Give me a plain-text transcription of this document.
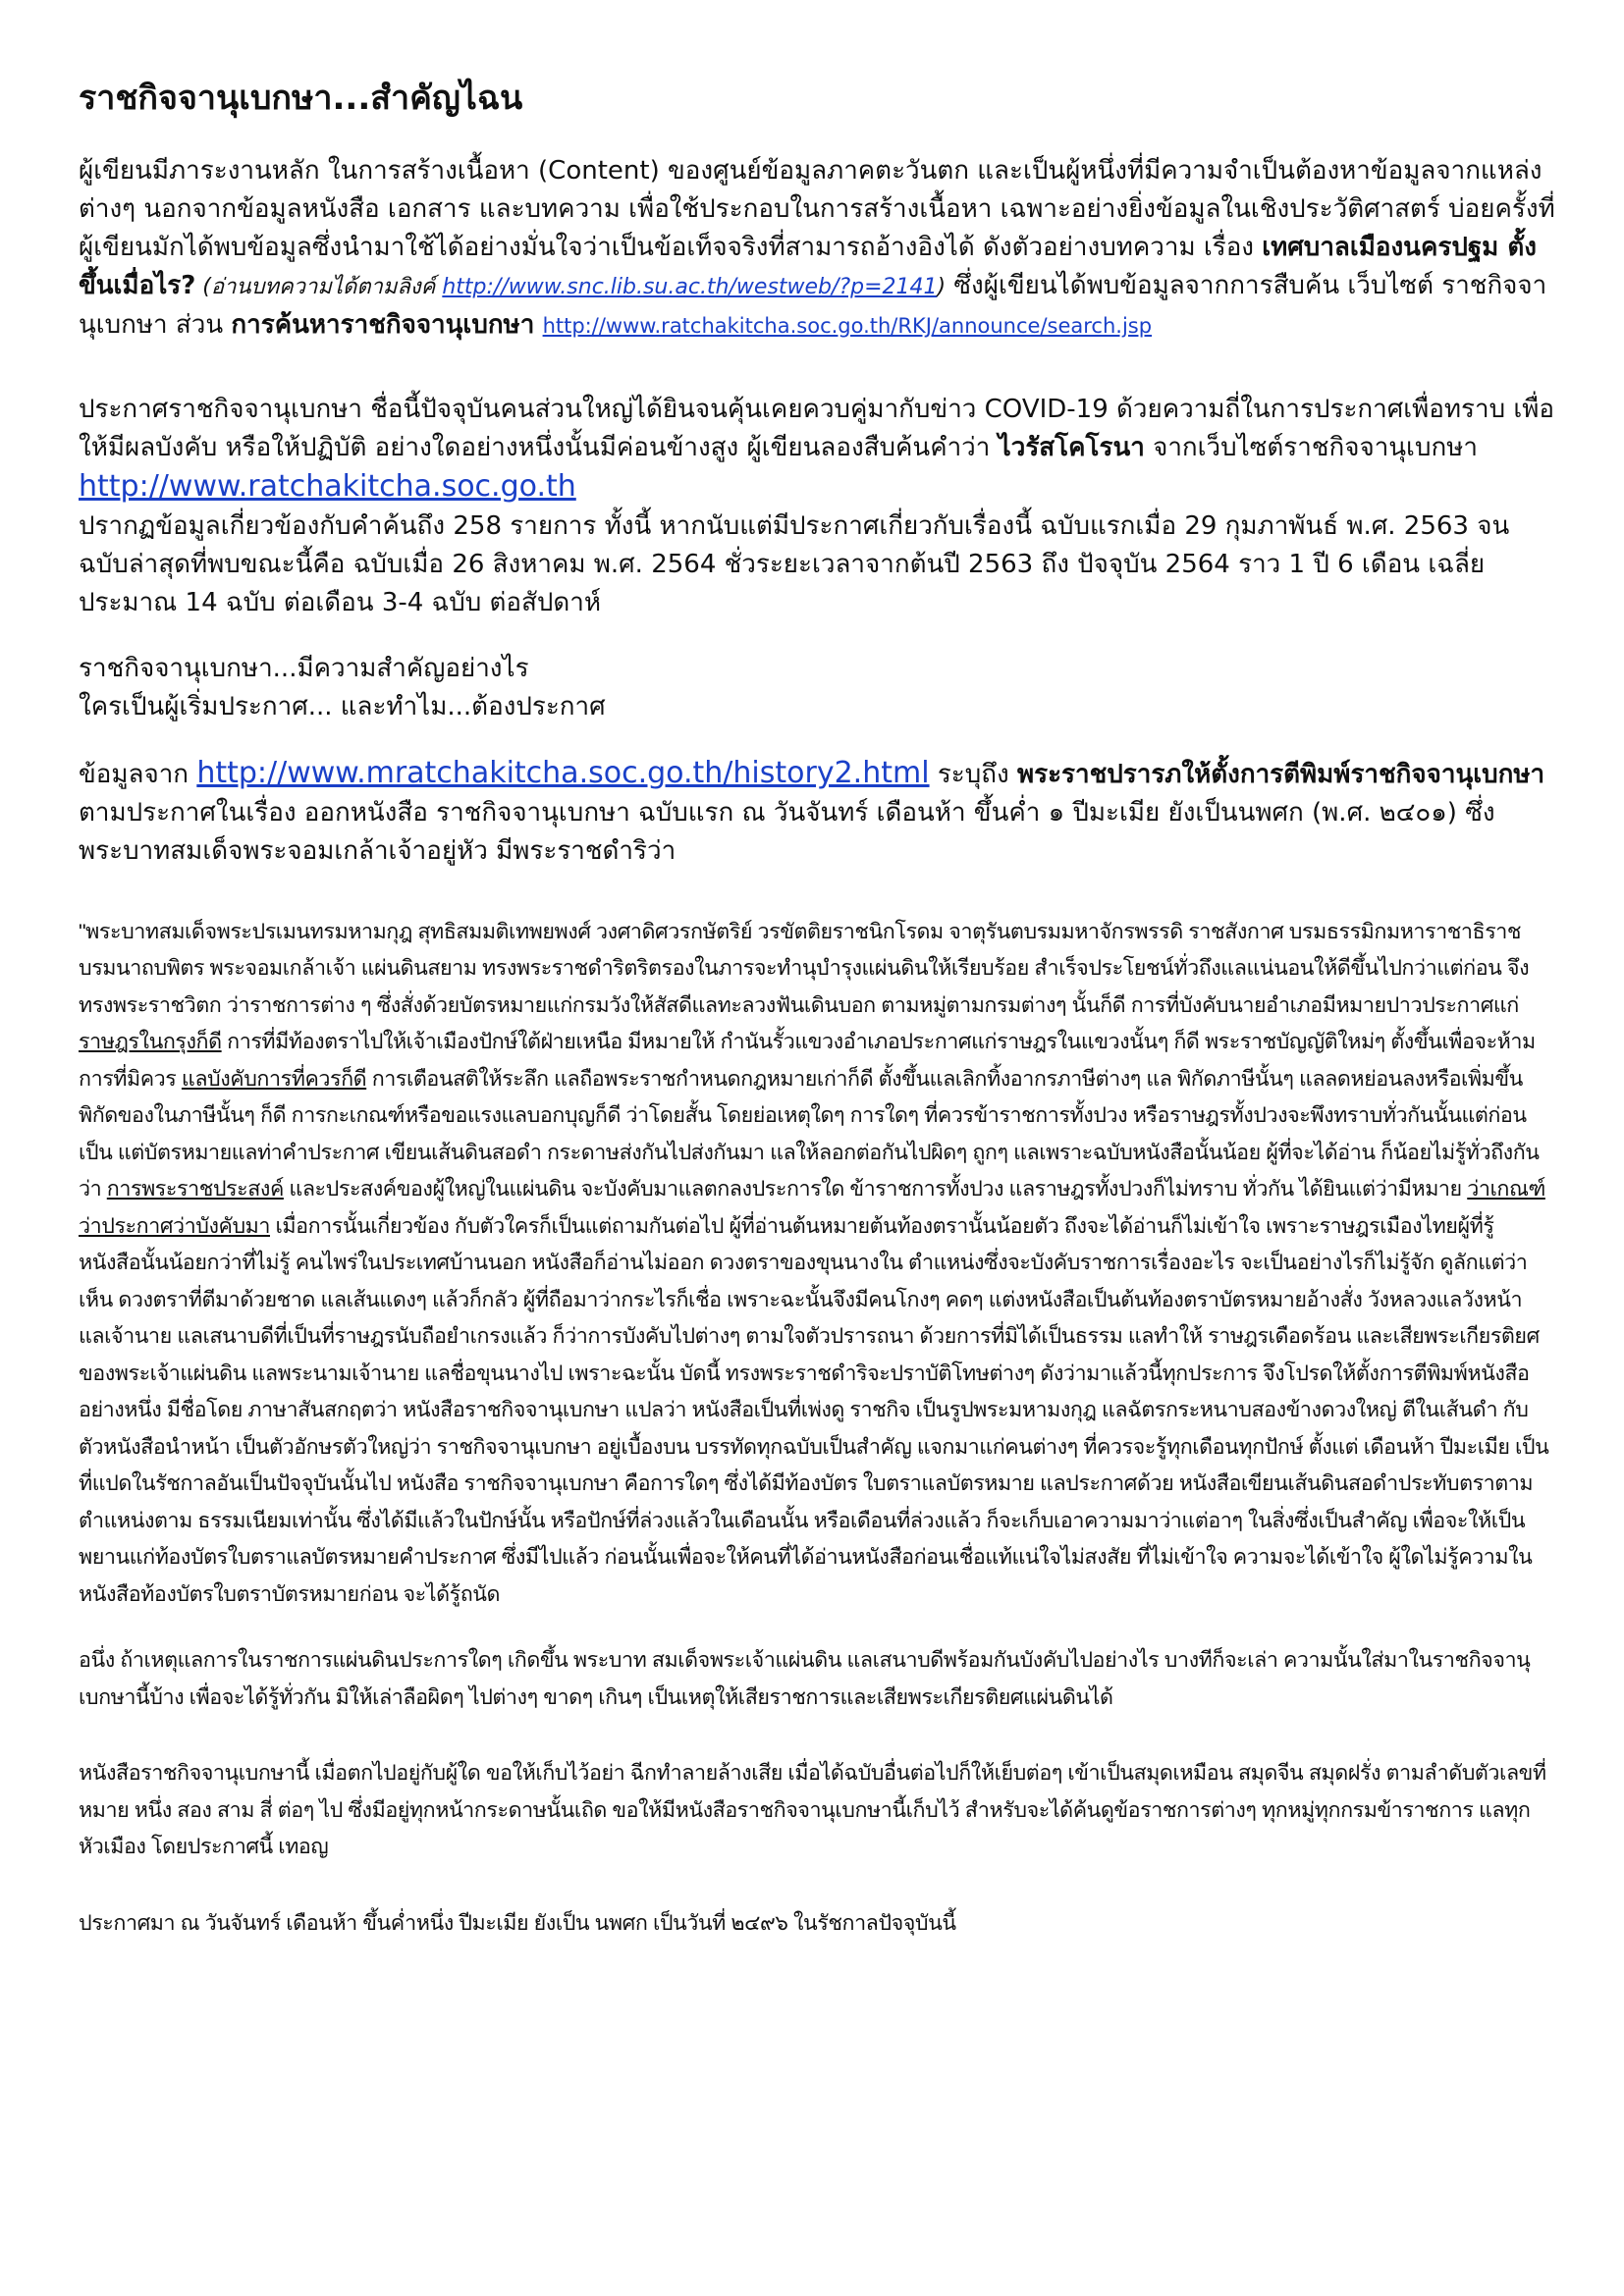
ราชกิจจานุเบกษา...สำคัญไฉน

ผู้เขียนมีภาระงานหลัก ในการสร้างเนื้อหา (Content) ของศูนย์ข้อมูลภาคตะวันตก และเป็นผู้หนึ่งที่มีความจำเป็นต้องหาข้อมูลจากแหล่งต่างๆ นอกจากข้อมูลหนังสือ เอกสาร และบทความ เพื่อใช้ประกอบในการสร้างเนื้อหา เฉพาะอย่างยิ่งข้อมูลในเชิงประวัติศาสตร์ บ่อยครั้งที่ผู้เขียนมักได้พบข้อมูลซึ่งนำมาใช้ได้อย่างมั่นใจว่าเป็นข้อเท็จจริงที่สามารถอ้างอิงได้ ดังตัวอย่างบทความ เรื่อง เทศบาลเมืองนครปฐม ตั้งขึ้นเมื่อไร? (อ่านบทความได้ตามลิงค์ http://www.snc.lib.su.ac.th/westweb/?p=2141) ซึ่งผู้เขียนได้พบข้อมูลจากการสืบค้น เว็บไซต์ ราชกิจจานุเบกษา ส่วน การค้นหาราชกิจจานุเบกษา http://www.ratchakitcha.soc.go.th/RKJ/announce/search.jsp

ประกาศราชกิจจานุเบกษา ชื่อนี้ปัจจุบันคนส่วนใหญ่ได้ยินจนคุ้นเคยควบคู่มากับข่าว COVID-19 ด้วยความถี่ในการประกาศเพื่อทราบ เพื่อให้มีผลบังคับ หรือให้ปฏิบัติ อย่างใดอย่างหนึ่งนั้นมีค่อนข้างสูง ผู้เขียนลองสืบค้นคำว่า ไวรัสโคโรนา จากเว็บไซต์ราชกิจจานุเบกษา http://www.ratchakitcha.soc.go.th
ปรากฏข้อมูลเกี่ยวข้องกับคำค้นถึง 258 รายการ ทั้งนี้ หากนับแต่มีประกาศเกี่ยวกับเรื่องนี้ ฉบับแรกเมื่อ 29 กุมภาพันธ์ พ.ศ. 2563 จนฉบับล่าสุดที่พบขณะนี้คือ ฉบับเมื่อ 26 สิงหาคม พ.ศ. 2564 ชั่วระยะเวลาจากต้นปี 2563 ถึง ปัจจุบัน 2564 ราว 1 ปี 6 เดือน เฉลี่ยประมาณ 14 ฉบับ ต่อเดือน 3-4 ฉบับ ต่อสัปดาห์

ราชกิจจานุเบกษา...มีความสำคัญอย่างไร
ใครเป็นผู้เริ่มประกาศ... และทำไม...ต้องประกาศ

ข้อมูลจาก http://www.mratchakitcha.soc.go.th/history2.html ระบุถึง พระราชปรารภให้ตั้งการตีพิมพ์ราชกิจจานุเบกษา ตามประกาศในเรื่อง ออกหนังสือ ราชกิจจานุเบกษา ฉบับแรก ณ วันจันทร์ เดือนห้า ขึ้นค่ำ ๑ ปีมะเมีย ยังเป็นนพศก (พ.ศ. ๒๔๐๑) ซึ่งพระบาทสมเด็จพระจอมเกล้าเจ้าอยู่หัว มีพระราชดำริว่า

"พระบาทสมเด็จพระปรเมนทรมหามกุฎ สุทธิสมมติเทพยพงศ์ วงศาดิศวรกษัตริย์ วรขัตติยราชนิกโรดม จาตุรันตบรมมหาจักรพรรดิ ราชสังกาศ บรมธรรมิกมหาราชาธิราช บรมนาถบพิตร พระจอมเกล้าเจ้า แผ่นดินสยาม ทรงพระราชดำริตริตรองในภารจะทำนุบำรุงแผ่นดินให้เรียบร้อย สำเร็จประโยชน์ทั่วถึงแลแน่นอนให้ดีขึ้นไปกว่าแต่ก่อน จึงทรงพระราชวิตก ว่าราชการต่าง ๆ ซึ่งสั่งด้วยบัตรหมายแก่กรมวังให้สัสดีแลทะลวงฟันเดินบอก ตามหมู่ตามกรมต่างๆ นั้นก็ดี การที่บังคับนายอำเภอมีหมายปาวประกาศแก่ ราษฎรในกรุงก็ดี การที่มีท้องตราไปให้เจ้าเมืองปักษ์ใต้ฝ่ายเหนือ มีหมายให้ กำนันรั้วแขวงอำเภอประกาศแก่ราษฎรในแขวงนั้นๆ ก็ดี พระราชบัญญัติใหม่ๆ ตั้งขึ้นเพื่อจะห้ามการที่มิควร แลบังคับการที่ควรก็ดี การเตือนสติให้ระลึก แลถือพระราชกำหนดกฎหมายเก่าก็ดี ตั้งขึ้นแลเลิกทิ้งอากรภาษีต่างๆ แล พิกัดภาษีนั้นๆ แลลดหย่อนลงหรือเพิ่มขึ้นพิกัดของในภาษีนั้นๆ ก็ดี การกะเกณฑ์หรือขอแรงแลบอกบุญก็ดี ว่าโดยสั้น โดยย่อเหตุใดๆ การใดๆ ที่ควรข้าราชการทั้งปวง หรือราษฎรทั้งปวงจะพึงทราบทั่วกันนั้นแต่ก่อนเป็น แต่บัตรหมายแลท่าคำประกาศ เขียนเส้นดินสอดำ กระดาษส่งกันไปส่งกันมา แลให้ลอกต่อกันไปผิดๆ ถูกๆ แลเพราะฉบับหนังสือนั้นน้อย ผู้ที่จะได้อ่าน ก็น้อยไม่รู้ทั่วถึงกันว่า การพระราชประสงค์ และประสงค์ของผู้ใหญ่ในแผ่นดิน จะบังคับมาแลตกลงประการใด ข้าราชการทั้งปวง แลราษฎรทั้งปวงก็ไม่ทราบ ทั่วกัน ได้ยินแต่ว่ามีหมาย ว่าเกณฑ์ว่าประกาศว่าบังคับมา เมื่อการนั้นเกี่ยวข้อง กับตัวใครก็เป็นแต่ถามกันต่อไป ผู้ที่อ่านต้นหมายต้นท้องตรานั้นน้อยตัว ถึงจะได้อ่านก็ไม่เข้าใจ เพราะราษฎรเมืองไทยผู้ที่รู้หนังสือนั้นน้อยกว่าที่ไม่รู้ คนไพร่ในประเทศบ้านนอก หนังสือก็อ่านไม่ออก ดวงตราของขุนนางใน ตำแหน่งซึ่งจะบังคับราชการเรื่องอะไร จะเป็นอย่างไรก็ไม่รู้จัก ดูลักแต่ว่าเห็น ดวงตราที่ตีมาด้วยชาด แลเส้นแดงๆ แล้วก็กลัว ผู้ที่ถือมาว่ากระไรก็เชื่อ เพราะฉะนั้นจึงมีคนโกงๆ คดๆ แต่งหนังสือเป็นต้นท้องตราบัตรหมายอ้างสั่ง วังหลวงแลวังหน้า แลเจ้านาย แลเสนาบดีที่เป็นที่ราษฎรนับถือยำเกรงแล้ว ก็ว่าการบังคับไปต่างๆ ตามใจตัวปรารถนา ด้วยการที่มิได้เป็นธรรม แลทำให้ ราษฎรเดือดร้อน และเสียพระเกียรติยศของพระเจ้าแผ่นดิน แลพระนามเจ้านาย แลชื่อขุนนางไป เพราะฉะนั้น บัดนี้ ทรงพระราชดำริจะปราบัติโทษต่างๆ ดังว่ามาแล้วนี้ทุกประการ จึงโปรดให้ตั้งการตีพิมพ์หนังสืออย่างหนึ่ง มีชื่อโดย ภาษาสันสกฤตว่า หนังสือราชกิจจานุเบกษา แปลว่า หนังสือเป็นที่เพ่งดู ราชกิจ เป็นรูปพระมหามงกุฎ แลฉัตรกระหนาบสองข้างดวงใหญ่ ตีในเส้นดำ กับตัวหนังสือนำหน้า เป็นตัวอักษรตัวใหญ่ว่า ราชกิจจานุเบกษา อยู่เบื้องบน บรรทัดทุกฉบับเป็นสำคัญ แจกมาแก่คนต่างๆ ที่ควรจะรู้ทุกเดือนทุกปักษ์ ตั้งแต่ เดือนห้า ปีมะเมีย เป็นที่แปดในรัชกาลอันเป็นปัจจุบันนั้นไป หนังสือ ราชกิจจานุเบกษา คือการใดๆ ซึ่งได้มีท้องบัตร ใบตราแลบัตรหมาย แลประกาศด้วย หนังสือเขียนเส้นดินสอดำประทับตราตามตำแหน่งตาม ธรรมเนียมเท่านั้น ซึ่งได้มีแล้วในปักษ์นั้น หรือปักษ์ที่ล่วงแล้วในเดือนนั้น หรือเดือนที่ล่วงแล้ว ก็จะเก็บเอาความมาว่าแต่อาๆ ในสิ่งซึ่งเป็นสำคัญ เพื่อจะให้เป็นพยานแก่ท้องบัตรใบตราแลบัตรหมายคำประกาศ ซึ่งมีไปแล้ว ก่อนนั้นเพื่อจะให้คนที่ได้อ่านหนังสือก่อนเชื่อแท้แน่ใจไม่สงสัย ที่ไม่เข้าใจ ความจะได้เข้าใจ ผู้ใดไม่รู้ความในหนังสือท้องบัตรใบตราบัตรหมายก่อน จะได้รู้ถนัด

อนึ่ง ถ้าเหตุแลการในราชการแผ่นดินประการใดๆ เกิดขึ้น พระบาท สมเด็จพระเจ้าแผ่นดิน แลเสนาบดีพร้อมกันบังคับไปอย่างไร บางทีก็จะเล่า ความนั้นใส่มาในราชกิจจานุเบกษานี้บ้าง เพื่อจะได้รู้ทั่วกัน มิให้เล่าลือผิดๆ ไปต่างๆ ขาดๆ เกินๆ เป็นเหตุให้เสียราชการและเสียพระเกียรติยศแผ่นดินได้

หนังสือราชกิจจานุเบกษานี้ เมื่อตกไปอยู่กับผู้ใด ขอให้เก็บไว้อย่า ฉีกทำลายล้างเสีย เมื่อได้ฉบับอื่นต่อไปก็ให้เย็บต่อๆ เข้าเป็นสมุดเหมือน สมุดจีน สมุดฝรั่ง ตามลำดับตัวเลขที่หมาย หนึ่ง สอง สาม สี่ ต่อๆ ไป ซึ่งมีอยู่ทุกหน้ากระดาษนั้นเถิด ขอให้มีหนังสือราชกิจจานุเบกษานี้เก็บไว้ สำหรับจะได้ค้นดูข้อราชการต่างๆ ทุกหมู่ทุกกรมข้าราชการ แลทุกหัวเมือง โดยประกาศนี้ เทอญ

ประกาศมา ณ วันจันทร์ เดือนห้า ขึ้นค่ำหนึ่ง ปีมะเมีย ยังเป็น นพศก เป็นวันที่ ๒๔๙๖ ในรัชกาลปัจจุบันนี้
